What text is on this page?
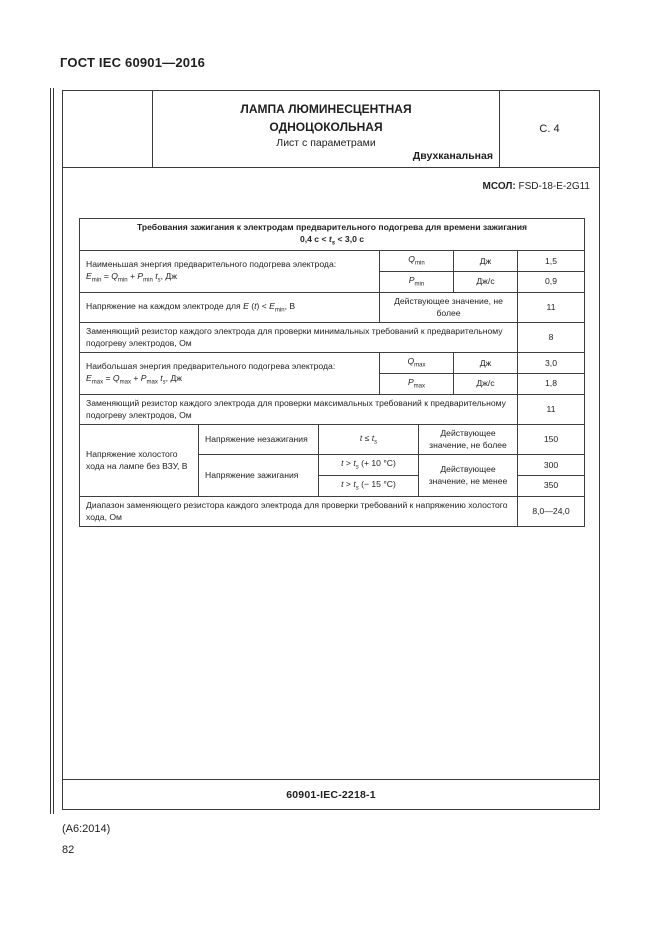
ГОСТ IEC 60901—2016
ЛАМПА ЛЮМИНЕСЦЕНТНАЯ
ОДНОЦОКОЛЬНАЯ
Лист с параметрами
Двухканальная
С. 4
МСОЛ: FSD-18-E-2G11
Требования зажигания к электродам предварительного подогрева для времени зажигания
0,4 $с < t_s < 3,0$ с						

Наименьшая энергия предварительного подогрева электрода:
$E_{min} = Q_{min} + P_{min}$ $t_s$, Дж			$Q_{min}$		Дж	1,5
			$P_{min}$		Дж/с	0,9
Напряжение на каждом электроде для E $(t) < E_{min}$, В			Действующее значение, не более			11
Заменяющий резистор каждого электрода для проверки минимальных требований к предварительному подогреву электродов, Ом						8

Наибольшая энергия предварительного подогрева электрода:
$E_{max} = Q_{max} + P_{max}$ $t_s$, Дж			$Q_{max}$		Дж	3,0
			$P_{max}$		Дж/с	1,8
Заменяющий резистор каждого электрода для проверки максимальных требований к предварительному подогреву электродов, Ом						11
Напряжение холостого хода на лампе без ВЗУ, В	Напряжение незажигания	$t \le t_s$		Действующее значение, не более		150
	Напряжение зажигания	$t > t_s$ (+ 10 °C)		Действующее значение, не менее		300
		$t > t_s$ (− 15 °C)				350
Диапазон заменяющего резистора каждого электрода для проверки требований к напряжению холостого хода, Ом						8,0—24,0
60901-IEC-2218-1
(А6:2014)
82
